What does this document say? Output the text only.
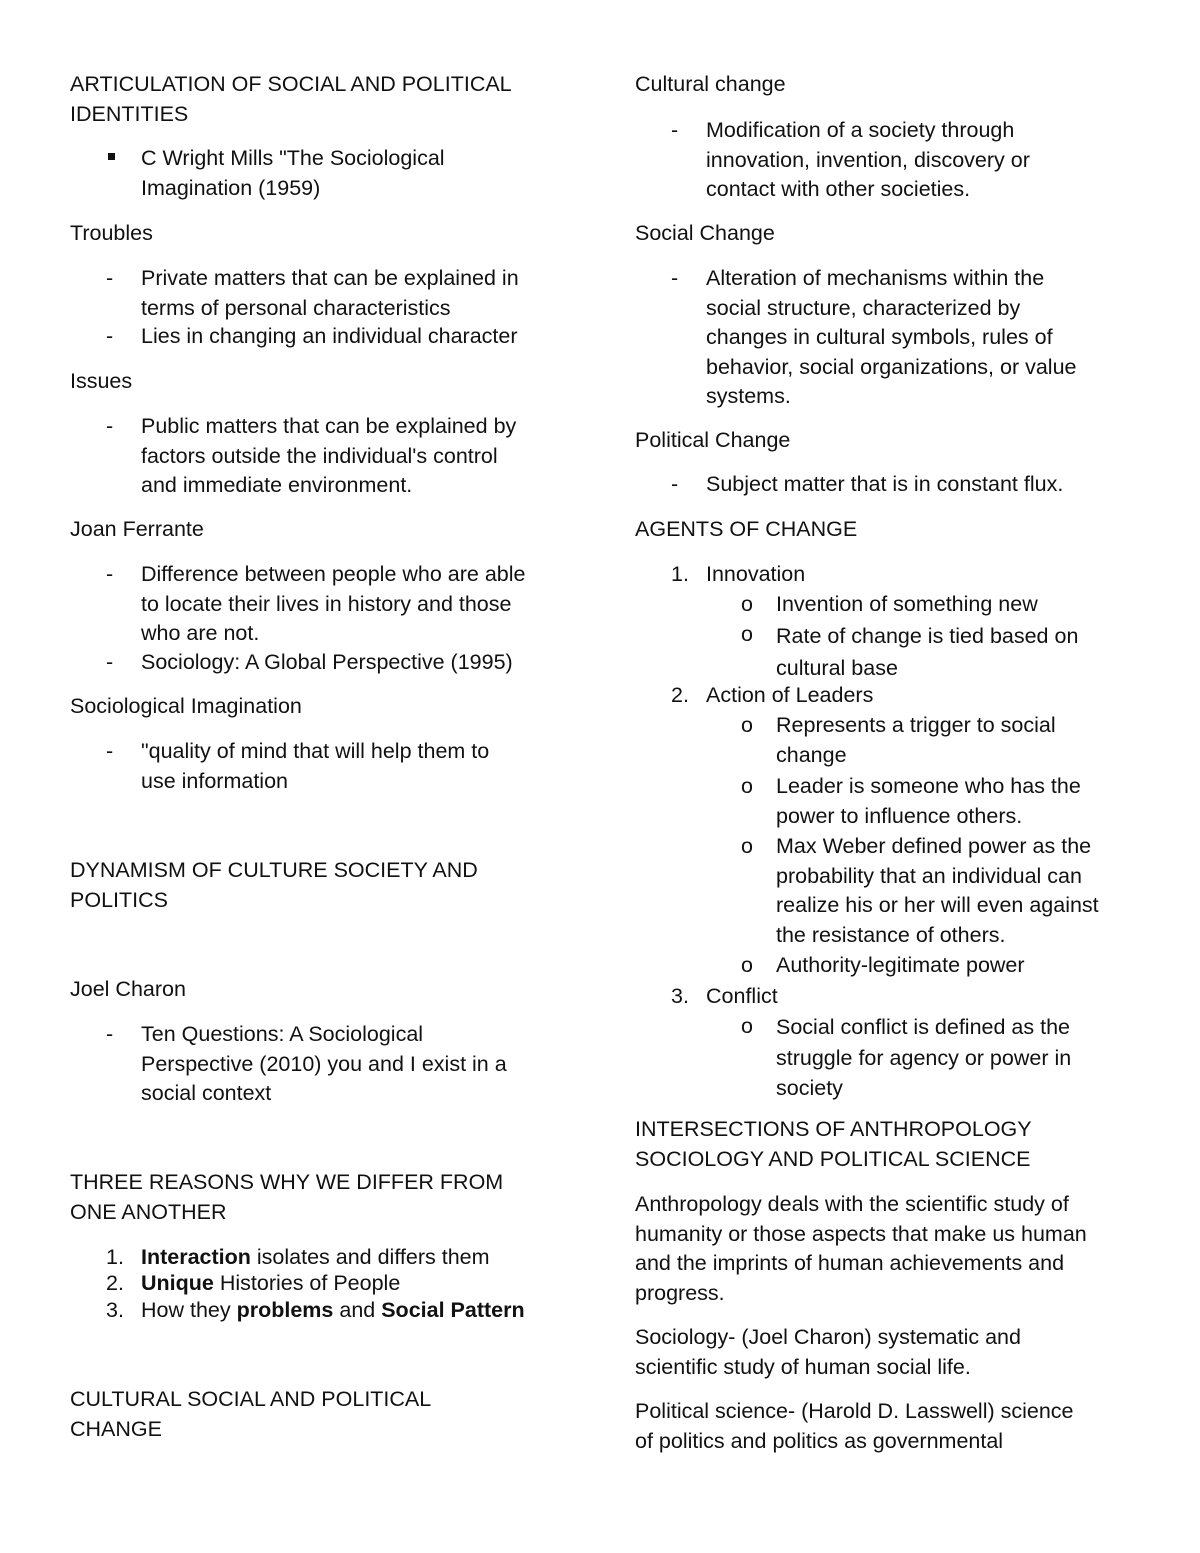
ARTICULATION OF SOCIAL AND POLITICAL
IDENTITIES
C Wright Mills "The Sociological
Imagination (1959)
Troubles
- Private matters that can be explained in
terms of personal characteristics
- Lies in changing an individual character
Issues
- Public matters that can be explained by
factors outside the individual's control
and immediate environment.
Joan Ferrante
- Difference between people who are able
to locate their lives in history and those
who are not.
- Sociology: A Global Perspective (1995)
Sociological Imagination
- "quality of mind that will help them to
use information
DYNAMISM OF CULTURE SOCIETY AND
POLITICS
Joel Charon
- Ten Questions: A Sociological
Perspective (2010) you and I exist in a
social context
THREE REASONS WHY WE DIFFER FROM
ONE ANOTHER
1. Interaction isolates and differs them
2. Unique Histories of People
3. How they problems and Social Pattern
CULTURAL SOCIAL AND POLITICAL
CHANGE
Cultural change
- Modification of a society through
innovation, invention, discovery or
contact with other societies.
Social Change
- Alteration of mechanisms within the
social structure, characterized by
changes in cultural symbols, rules of
behavior, social organizations, or value
systems.
Political Change
- Subject matter that is in constant flux.
AGENTS OF CHANGE
1. Innovation
o Invention of something new
o Rate of change is tied based on
cultural base
2. Action of Leaders
o Represents a trigger to social
change
o Leader is someone who has the
power to influence others.
o Max Weber defined power as the
probability that an individual can
realize his or her will even against
the resistance of others.
o Authority-legitimate power
3. Conflict
o Social conflict is defined as the
struggle for agency or power in
society
INTERSECTIONS OF ANTHROPOLOGY
SOCIOLOGY AND POLITICAL SCIENCE
Anthropology deals with the scientific study of
humanity or those aspects that make us human
and the imprints of human achievements and
progress.
Sociology- (Joel Charon) systematic and
scientific study of human social life.
Political science- (Harold D. Lasswell) science
of politics and politics as governmental
